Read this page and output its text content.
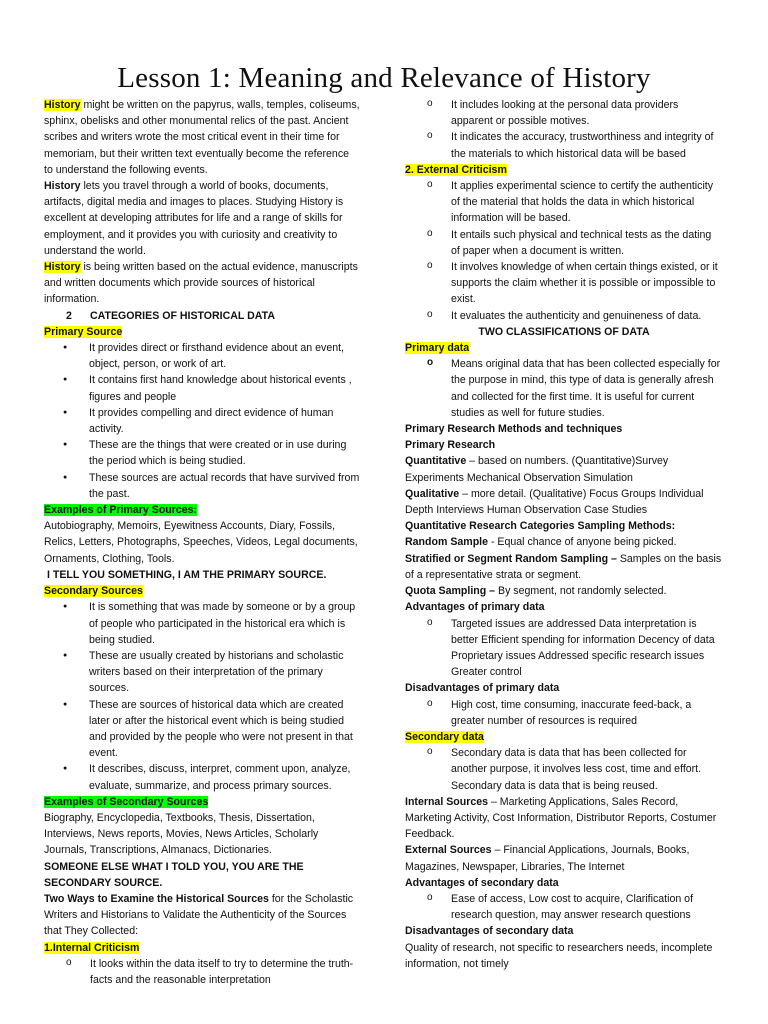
Lesson 1: Meaning and Relevance of History

History might be written on the papyrus, walls, temples, coliseums, sphinx, obelisks and other monumental relics of the past. Ancient scribes and writers wrote the most critical event in their time for memoriam, but their written text eventually become the reference to understand the following events.

History lets you travel through a world of books, documents, artifacts, digital media and images to places. Studying History is excellent at developing attributes for life and a range of skills for employment, and it provides you with curiosity and creativity to understand the world.

History is being written based on the actual evidence, manuscripts and written documents which provide sources of historical information.

2 CATEGORIES OF HISTORICAL DATA

Primary Source

● It provides direct or firsthand evidence about an event, object, person, or work of art.
● It contains first hand knowledge about historical events , figures and people
● It provides compelling and direct evidence of human activity.
● These are the things that were created or in use during the period which is being studied.
● These sources are actual records that have survived from the past.

Examples of Primary Sources:

Autobiography, Memoirs, Eyewitness Accounts, Diary, Fossils, Relics, Letters, Photographs, Speeches, Videos, Legal documents, Ornaments, Clothing, Tools.

I TELL YOU SOMETHING, I AM THE PRIMARY SOURCE.

Secondary Sources

● It is something that was made by someone or by a group of people who participated in the historical era which is being studied.
● These are usually created by historians and scholastic writers based on their interpretation of the primary sources.
● These are sources of historical data which are created later or after the historical event which is being studied and provided by the people who were not present in that event.
● It describes, discuss, interpret, comment upon, analyze, evaluate, summarize, and process primary sources.

Examples of Secondary Sources

Biography, Encyclopedia, Textbooks, Thesis, Dissertation, Interviews, News reports, Movies, News Articles, Scholarly Journals, Transcriptions, Almanacs, Dictionaries.

SOMEONE ELSE WHAT I TOLD YOU, YOU ARE THE SECONDARY SOURCE.

Two Ways to Examine the Historical Sources for the Scholastic Writers and Historians to Validate the Authenticity of the Sources that They Collected:

1.Internal Criticism

o It looks within the data itself to try to determine the truth-facts and the reasonable interpretation
o It includes looking at the personal data providers apparent or possible motives.
o It indicates the accuracy, trustworthiness and integrity of the materials to which historical data will be based

2. External Criticism

o It applies experimental science to certify the authenticity of the material that holds the data in which historical information will be based.
o It entails such physical and technical tests as the dating of paper when a document is written.
o It involves knowledge of when certain things existed, or it supports the claim whether it is possible or impossible to exist.
o It evaluates the authenticity and genuineness of data.

TWO CLASSIFICATIONS OF DATA

Primary data

o Means original data that has been collected especially for the purpose in mind, this type of data is generally afresh and collected for the first time. It is useful for current studies as well for future studies.

Primary Research Methods and techniques

Primary Research

Quantitative – based on numbers. (Quantitative)Survey Experiments Mechanical Observation Simulation

Qualitative – more detail. (Qualitative) Focus Groups Individual Depth Interviews Human Observation Case Studies

Quantitative Research Categories Sampling Methods:

Random Sample - Equal chance of anyone being picked.

Stratified or Segment Random Sampling – Samples on the basis of a representative strata or segment.

Quota Sampling – By segment, not randomly selected.

Advantages of primary data

o Targeted issues are addressed Data interpretation is better Efficient spending for information Decency of data Proprietary issues Addressed specific research issues Greater control

Disadvantages of primary data

o High cost, time consuming, inaccurate feed-back, a greater number of resources is required

Secondary data

o Secondary data is data that has been collected for another purpose, it involves less cost, time and effort. Secondary data is data that is being reused.

Internal Sources – Marketing Applications, Sales Record, Marketing Activity, Cost Information, Distributor Reports, Costumer Feedback.

External Sources – Financial Applications, Journals, Books, Magazines, Newspaper, Libraries, The Internet

Advantages of secondary data

o Ease of access, Low cost to acquire, Clarification of research question, may answer research questions

Disadvantages of secondary data

Quality of research, not specific to researchers needs, incomplete information, not timely
